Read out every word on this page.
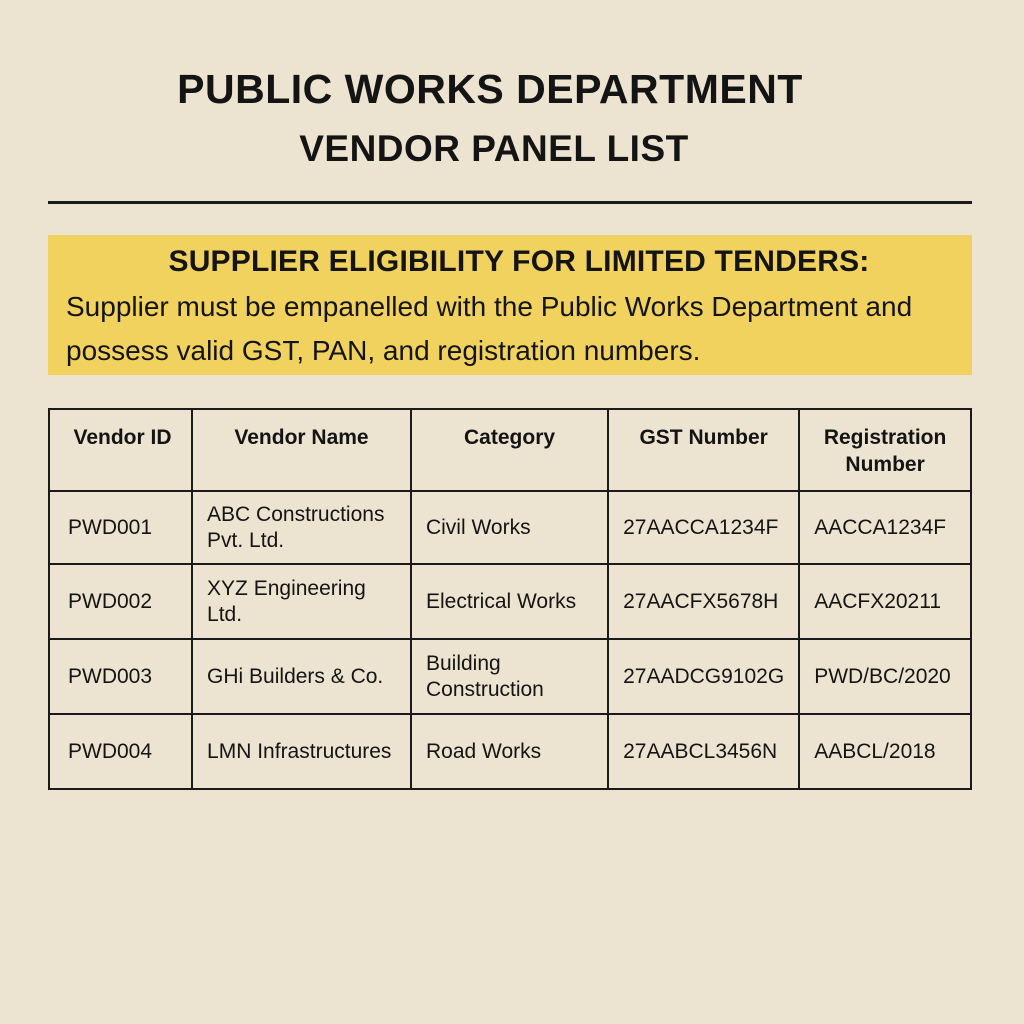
PUBLIC WORKS DEPARTMENT
VENDOR PANEL LIST
SUPPLIER ELIGIBILITY FOR LIMITED TENDERS:
Supplier must be empanelled with the Public Works Department and possess valid GST, PAN, and registration numbers.
Vendor ID	Vendor Name	Category	GST Number	Registration Number
PWD001	ABC Constructions Pvt. Ltd.	Civil Works	27AACCA1234F	AACCA1234F
PWD002	XYZ Engineering Ltd.	Electrical Works	27AACFX5678H	AACFX20211
PWD003	GHi Builders & Co.	Building Construction	27AADCG9102G	PWD/BC/2020
PWD004	LMN Infrastructures	Road Works	27AABCL3456N	AABCL/2018
